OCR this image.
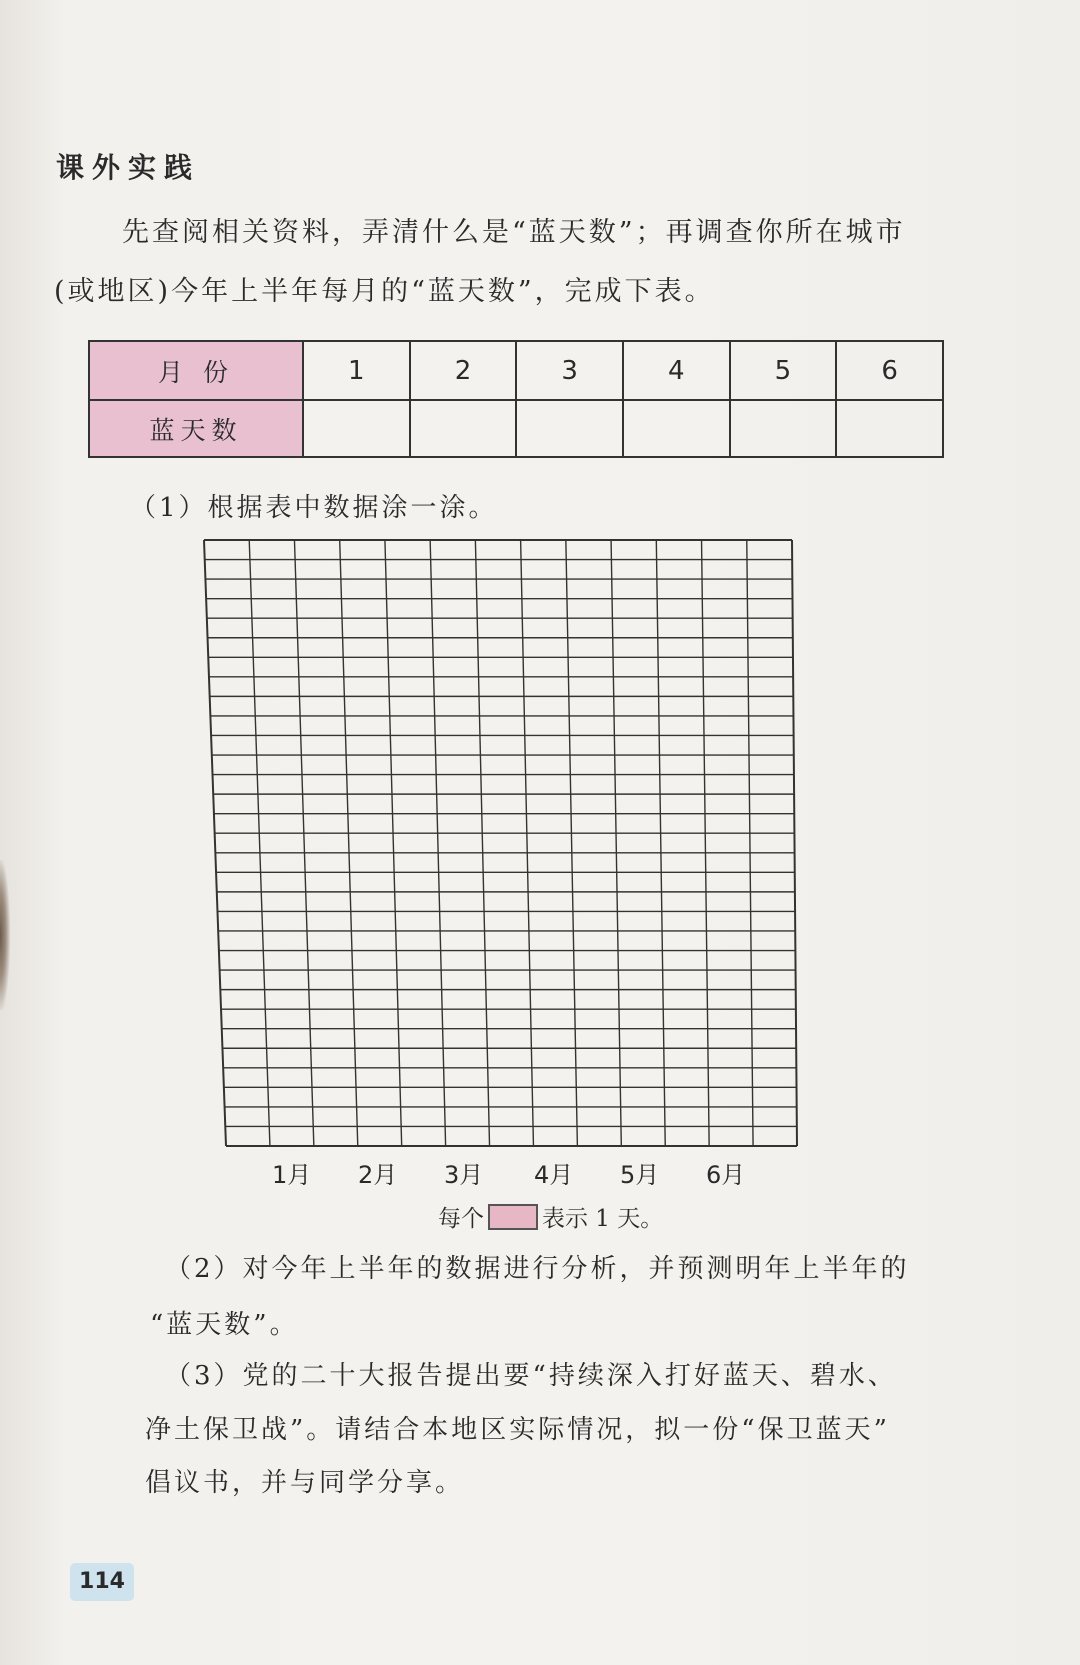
课外实践
先查阅相关资料，弄清什么是“蓝天数”；再调查你所在城市
(或地区)今年上半年每月的“蓝天数”，完成下表。
月 份	1	2	3	4	5	6
蓝天数						
（1）根据表中数据涂一涂。
1月 2月 3月 4月 5月 6月
每个	表示 1 天。
（2）对今年上半年的数据进行分析，并预测明年上半年的
“蓝天数”。
（3）党的二十大报告提出要“持续深入打好蓝天、碧水、
净土保卫战”。请结合本地区实际情况，拟一份“保卫蓝天”
倡议书，并与同学分享。
114
